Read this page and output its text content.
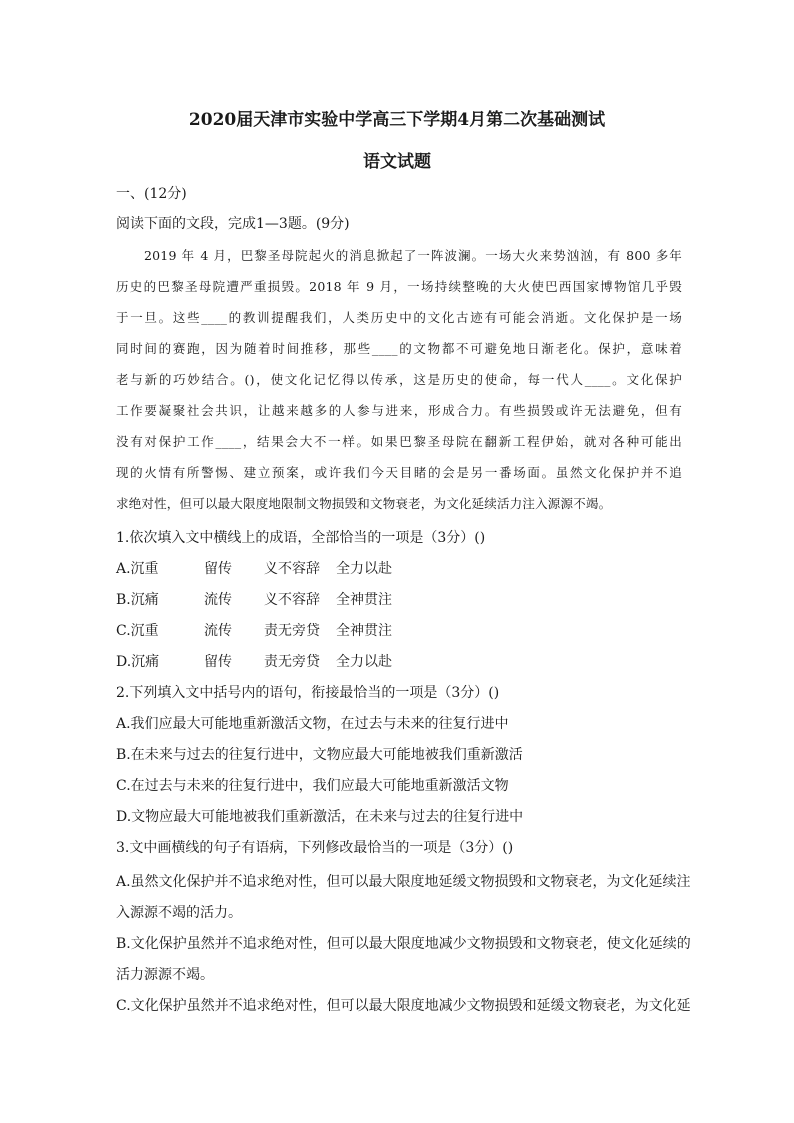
2020届天津市实验中学高三下学期4月第二次基础测试
语文试题
一、(12分)
阅读下面的文段，完成1—3题。(9分)
2019 年 4 月，巴黎圣母院起火的消息掀起了一阵波澜。一场大火来势汹汹，有 800 多年
历史的巴黎圣母院遭严重损毁。2018 年 9 月，一场持续整晚的大火使巴西国家博物馆几乎毁
于一旦。这些____的教训提醒我们，人类历史中的文化古迹有可能会消逝。文化保护是一场
同时间的赛跑，因为随着时间推移，那些____的文物都不可避免地日渐老化。保护，意味着
老与新的巧妙结合。()，使文化记忆得以传承，这是历史的使命，每一代人____。文化保护
工作要凝聚社会共识，让越来越多的人参与进来，形成合力。有些损毁或许无法避免，但有
没有对保护工作____，结果会大不一样。如果巴黎圣母院在翻新工程伊始，就对各种可能出
现的火情有所警惕、建立预案，或许我们今天目睹的会是另一番场面。虽然文化保护并不追
求绝对性，但可以最大限度地限制文物损毁和文物衰老，为文化延续活力注入源源不竭。
1.依次填入文中横线上的成语，全部恰当的一项是（3分）()
A.沉重	留传 义不容辞 全力以赴
B.沉痛	流传 义不容辞 全神贯注
C.沉重	流传 责无旁贷 全神贯注
D.沉痛	留传 责无旁贷 全力以赴
2.下列填入文中括号内的语句，衔接最恰当的一项是（3分）()
A.我们应最大可能地重新激活文物，在过去与未来的往复行进中
B.在未来与过去的往复行进中，文物应最大可能地被我们重新激活
C.在过去与未来的往复行进中，我们应最大可能地重新激活文物
D.文物应最大可能地被我们重新激活，在未来与过去的往复行进中
3.文中画横线的句子有语病，下列修改最恰当的一项是（3分）()
A.虽然文化保护并不追求绝对性，但可以最大限度地延缓文物损毁和文物衰老，为文化延续注
入源源不竭的活力。
B.文化保护虽然并不追求绝对性，但可以最大限度地减少文物损毁和文物衰老，使文化延续的
活力源源不竭。
C.文化保护虽然并不追求绝对性，但可以最大限度地减少文物损毁和延缓文物衰老，为文化延
